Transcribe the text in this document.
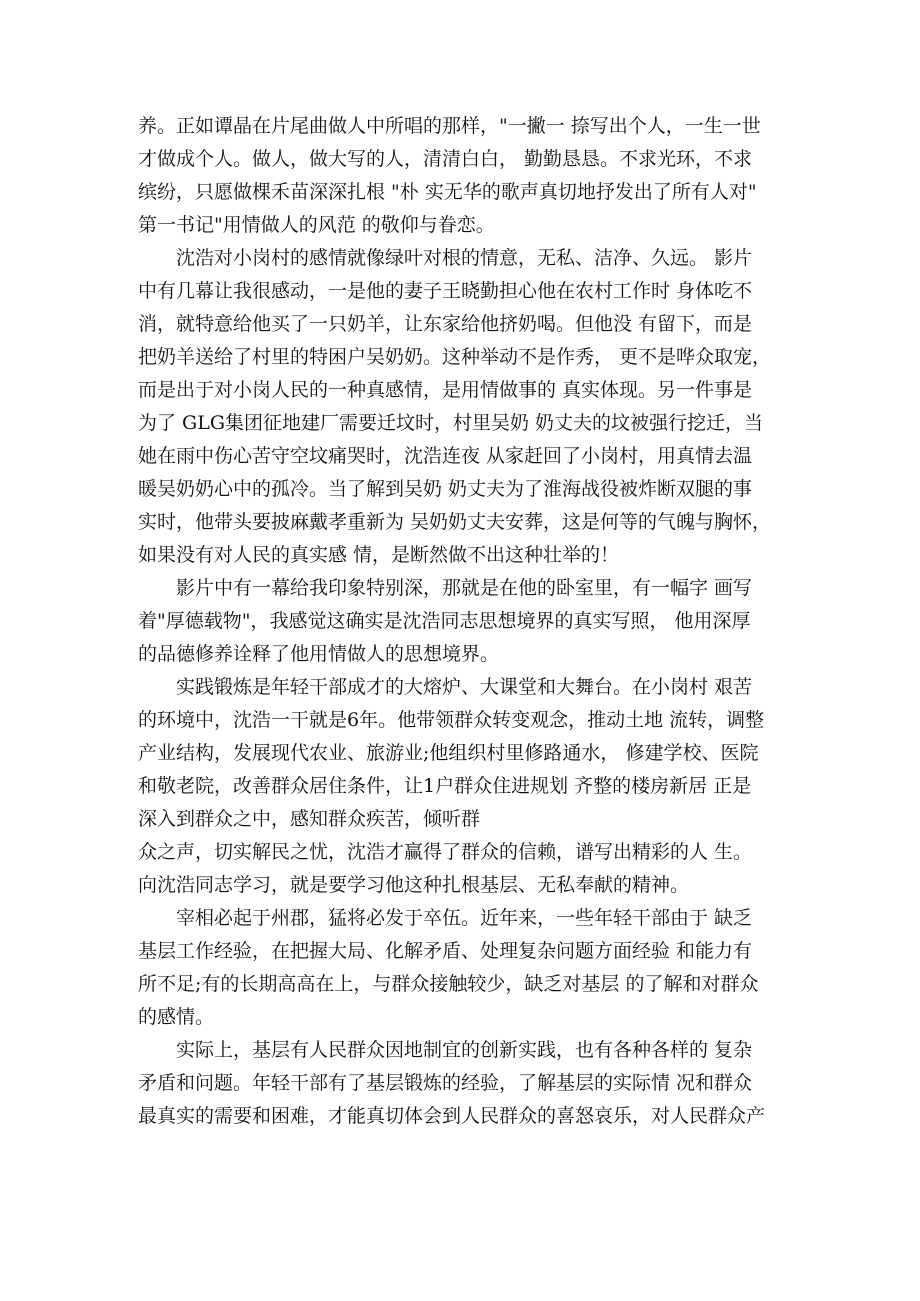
养。正如谭晶在片尾曲做人中所唱的那样，"一撇一 捺写出个人，一生一世
才做成个人。做人，做大写的人，清清白白， 勤勤恳恳。不求光环，不求
缤纷，只愿做棵禾苗深深扎根 "朴 实无华的歌声真切地抒发出了所有人对"
第一书记"用情做人的风范 的敬仰与眷恋。
　　沈浩对小岗村的感情就像绿叶对根的情意，无私、洁净、久远。 影片
中有几幕让我很感动，一是他的妻子王晓勤担心他在农村工作时 身体吃不
消，就特意给他买了一只奶羊，让东家给他挤奶喝。但他没 有留下，而是
把奶羊送给了村里的特困户吴奶奶。这种举动不是作秀， 更不是哗众取宠，
而是出于对小岗人民的一种真感情，是用情做事的 真实体现。另一件事是
为了 GLG集团征地建厂需要迁坟时，村里吴奶 奶丈夫的坟被强行挖迁，当
她在雨中伤心苦守空坟痛哭时，沈浩连夜 从家赶回了小岗村，用真情去温
暖吴奶奶心中的孤冷。当了解到吴奶 奶丈夫为了淮海战役被炸断双腿的事
实时，他带头要披麻戴孝重新为 吴奶奶丈夫安葬，这是何等的气魄与胸怀，
如果没有对人民的真实感 情，是断然做不出这种壮举的！
　　影片中有一幕给我印象特别深，那就是在他的卧室里，有一幅字 画写
着"厚德载物"，我感觉这确实是沈浩同志思想境界的真实写照， 他用深厚
的品德修养诠释了他用情做人的思想境界。
　　实践锻炼是年轻干部成才的大熔炉、大课堂和大舞台。在小岗村 艰苦
的环境中，沈浩一干就是6年。他带领群众转变观念，推动土地 流转，调整
产业结构，发展现代农业、旅游业;他组织村里修路通水， 修建学校、医院
和敬老院，改善群众居住条件，让1户群众住进规划 齐整的楼房新居 正是
深入到群众之中，感知群众疾苦，倾听群
众之声，切实解民之忧，沈浩才赢得了群众的信赖，谱写出精彩的人 生。
向沈浩同志学习，就是要学习他这种扎根基层、无私奉献的精神。
　　宰相必起于州郡，猛将必发于卒伍。近年来，一些年轻干部由于 缺乏
基层工作经验，在把握大局、化解矛盾、处理复杂问题方面经验 和能力有
所不足;有的长期高高在上，与群众接触较少，缺乏对基层 的了解和对群众
的感情。
　　实际上，基层有人民群众因地制宜的创新实践，也有各种各样的 复杂
矛盾和问题。年轻干部有了基层锻炼的经验，了解基层的实际情 况和群众
最真实的需要和困难，才能真切体会到人民群众的喜怒哀乐，对人民群众产
